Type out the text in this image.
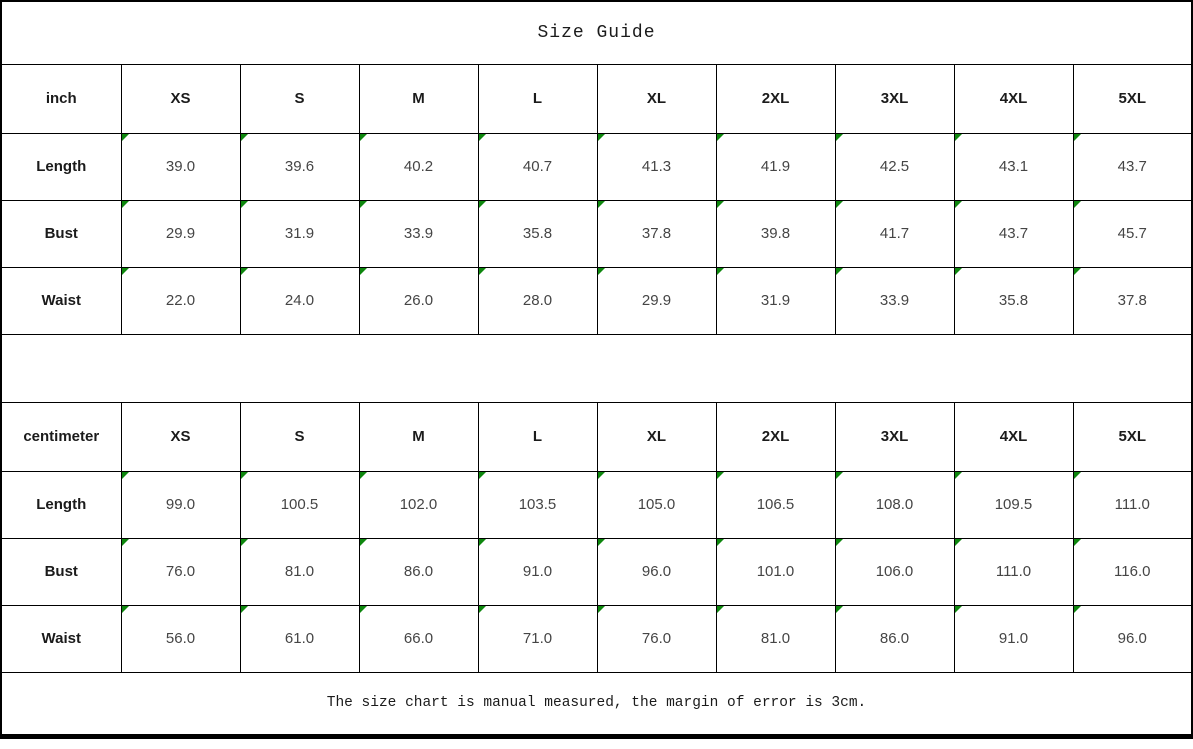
Size Guide									
inch	XS	S	M	L	XL	2XL	3XL	4XL	5XL
Length	39.0	39.6	40.2	40.7	41.3	41.9	42.5	43.1	43.7

Bust	29.9	31.9	33.9	35.8	37.8	39.8	41.7	43.7	45.7

Waist	22.0	24.0	26.0	28.0	29.9	31.9	33.9	35.8	37.8

centimeter	XS	S	M	L	XL	2XL	3XL	4XL	5XL
Length	99.0	100.5	102.0	103.5	105.0	106.5	108.0	109.5	111.0

Bust	76.0	81.0	86.0	91.0	96.0	101.0	106.0	111.0	116.0

Waist	56.0	61.0	66.0	71.0	76.0	81.0	86.0	91.0	96.0

The size chart is manual measured, the margin of error is 3cm.									
